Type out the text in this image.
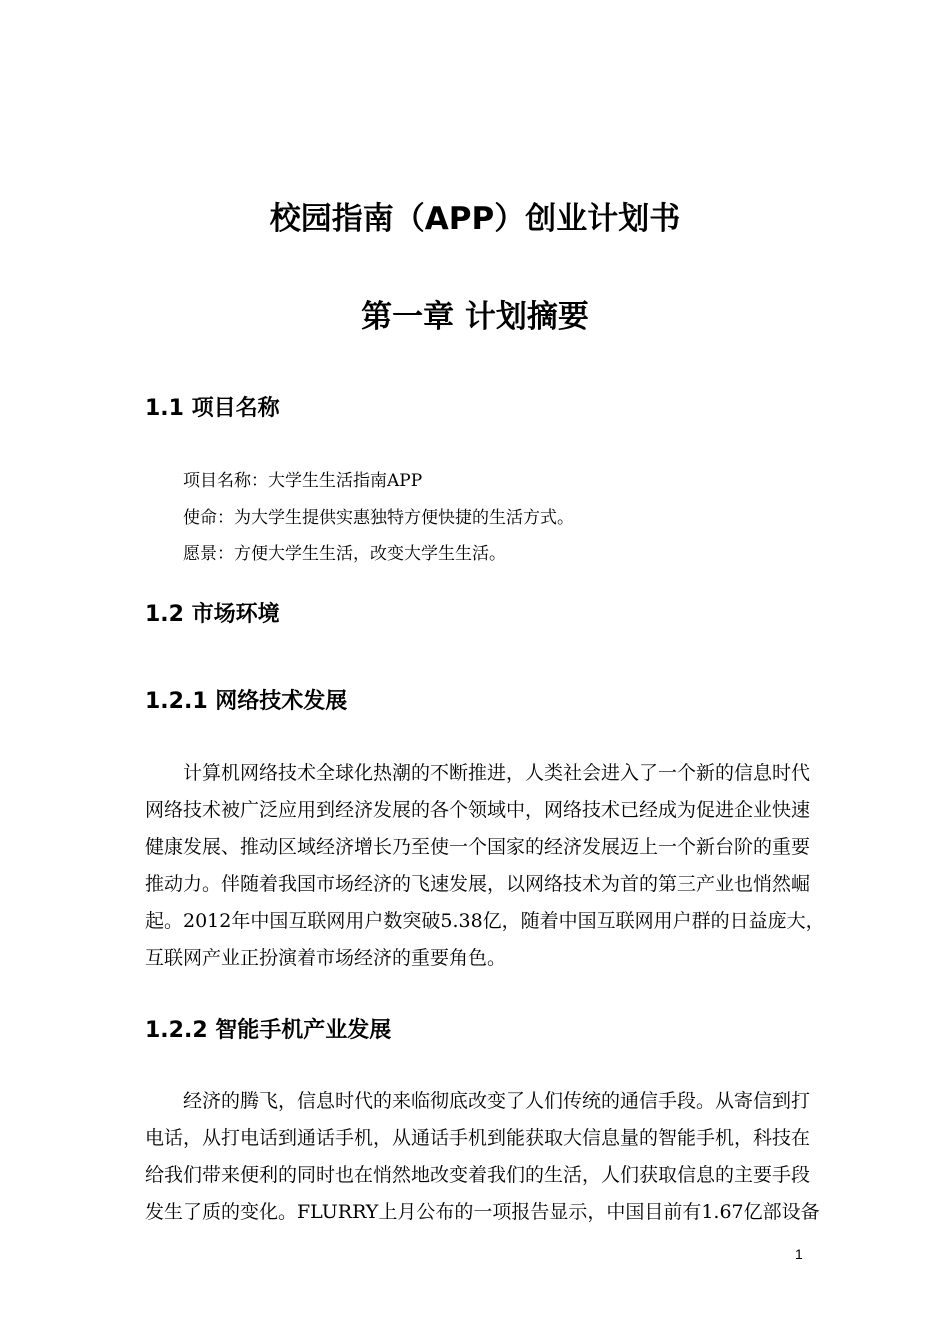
校园指南（APP）创业计划书
第一章 计划摘要
1.1 项目名称
项目名称：大学生生活指南APP
使命：为大学生提供实惠独特方便快捷的生活方式。
愿景：方便大学生生活，改变大学生生活。
1.2 市场环境
1.2.1 网络技术发展
计算机网络技术全球化热潮的不断推进，人类社会进入了一个新的信息时代
网络技术被广泛应用到经济发展的各个领域中，网络技术已经成为促进企业快速
健康发展、推动区域经济增长乃至使一个国家的经济发展迈上一个新台阶的重要
推动力。伴随着我国市场经济的飞速发展，以网络技术为首的第三产业也悄然崛
起。2012年中国互联网用户数突破5.38亿，随着中国互联网用户群的日益庞大，
互联网产业正扮演着市场经济的重要角色。
1.2.2 智能手机产业发展
经济的腾飞，信息时代的来临彻底改变了人们传统的通信手段。从寄信到打
电话，从打电话到通话手机，从通话手机到能获取大信息量的智能手机，科技在
给我们带来便利的同时也在悄然地改变着我们的生活，人们获取信息的主要手段
发生了质的变化。FLURRY上月公布的一项报告显示，中国目前有1.67亿部设备
1
